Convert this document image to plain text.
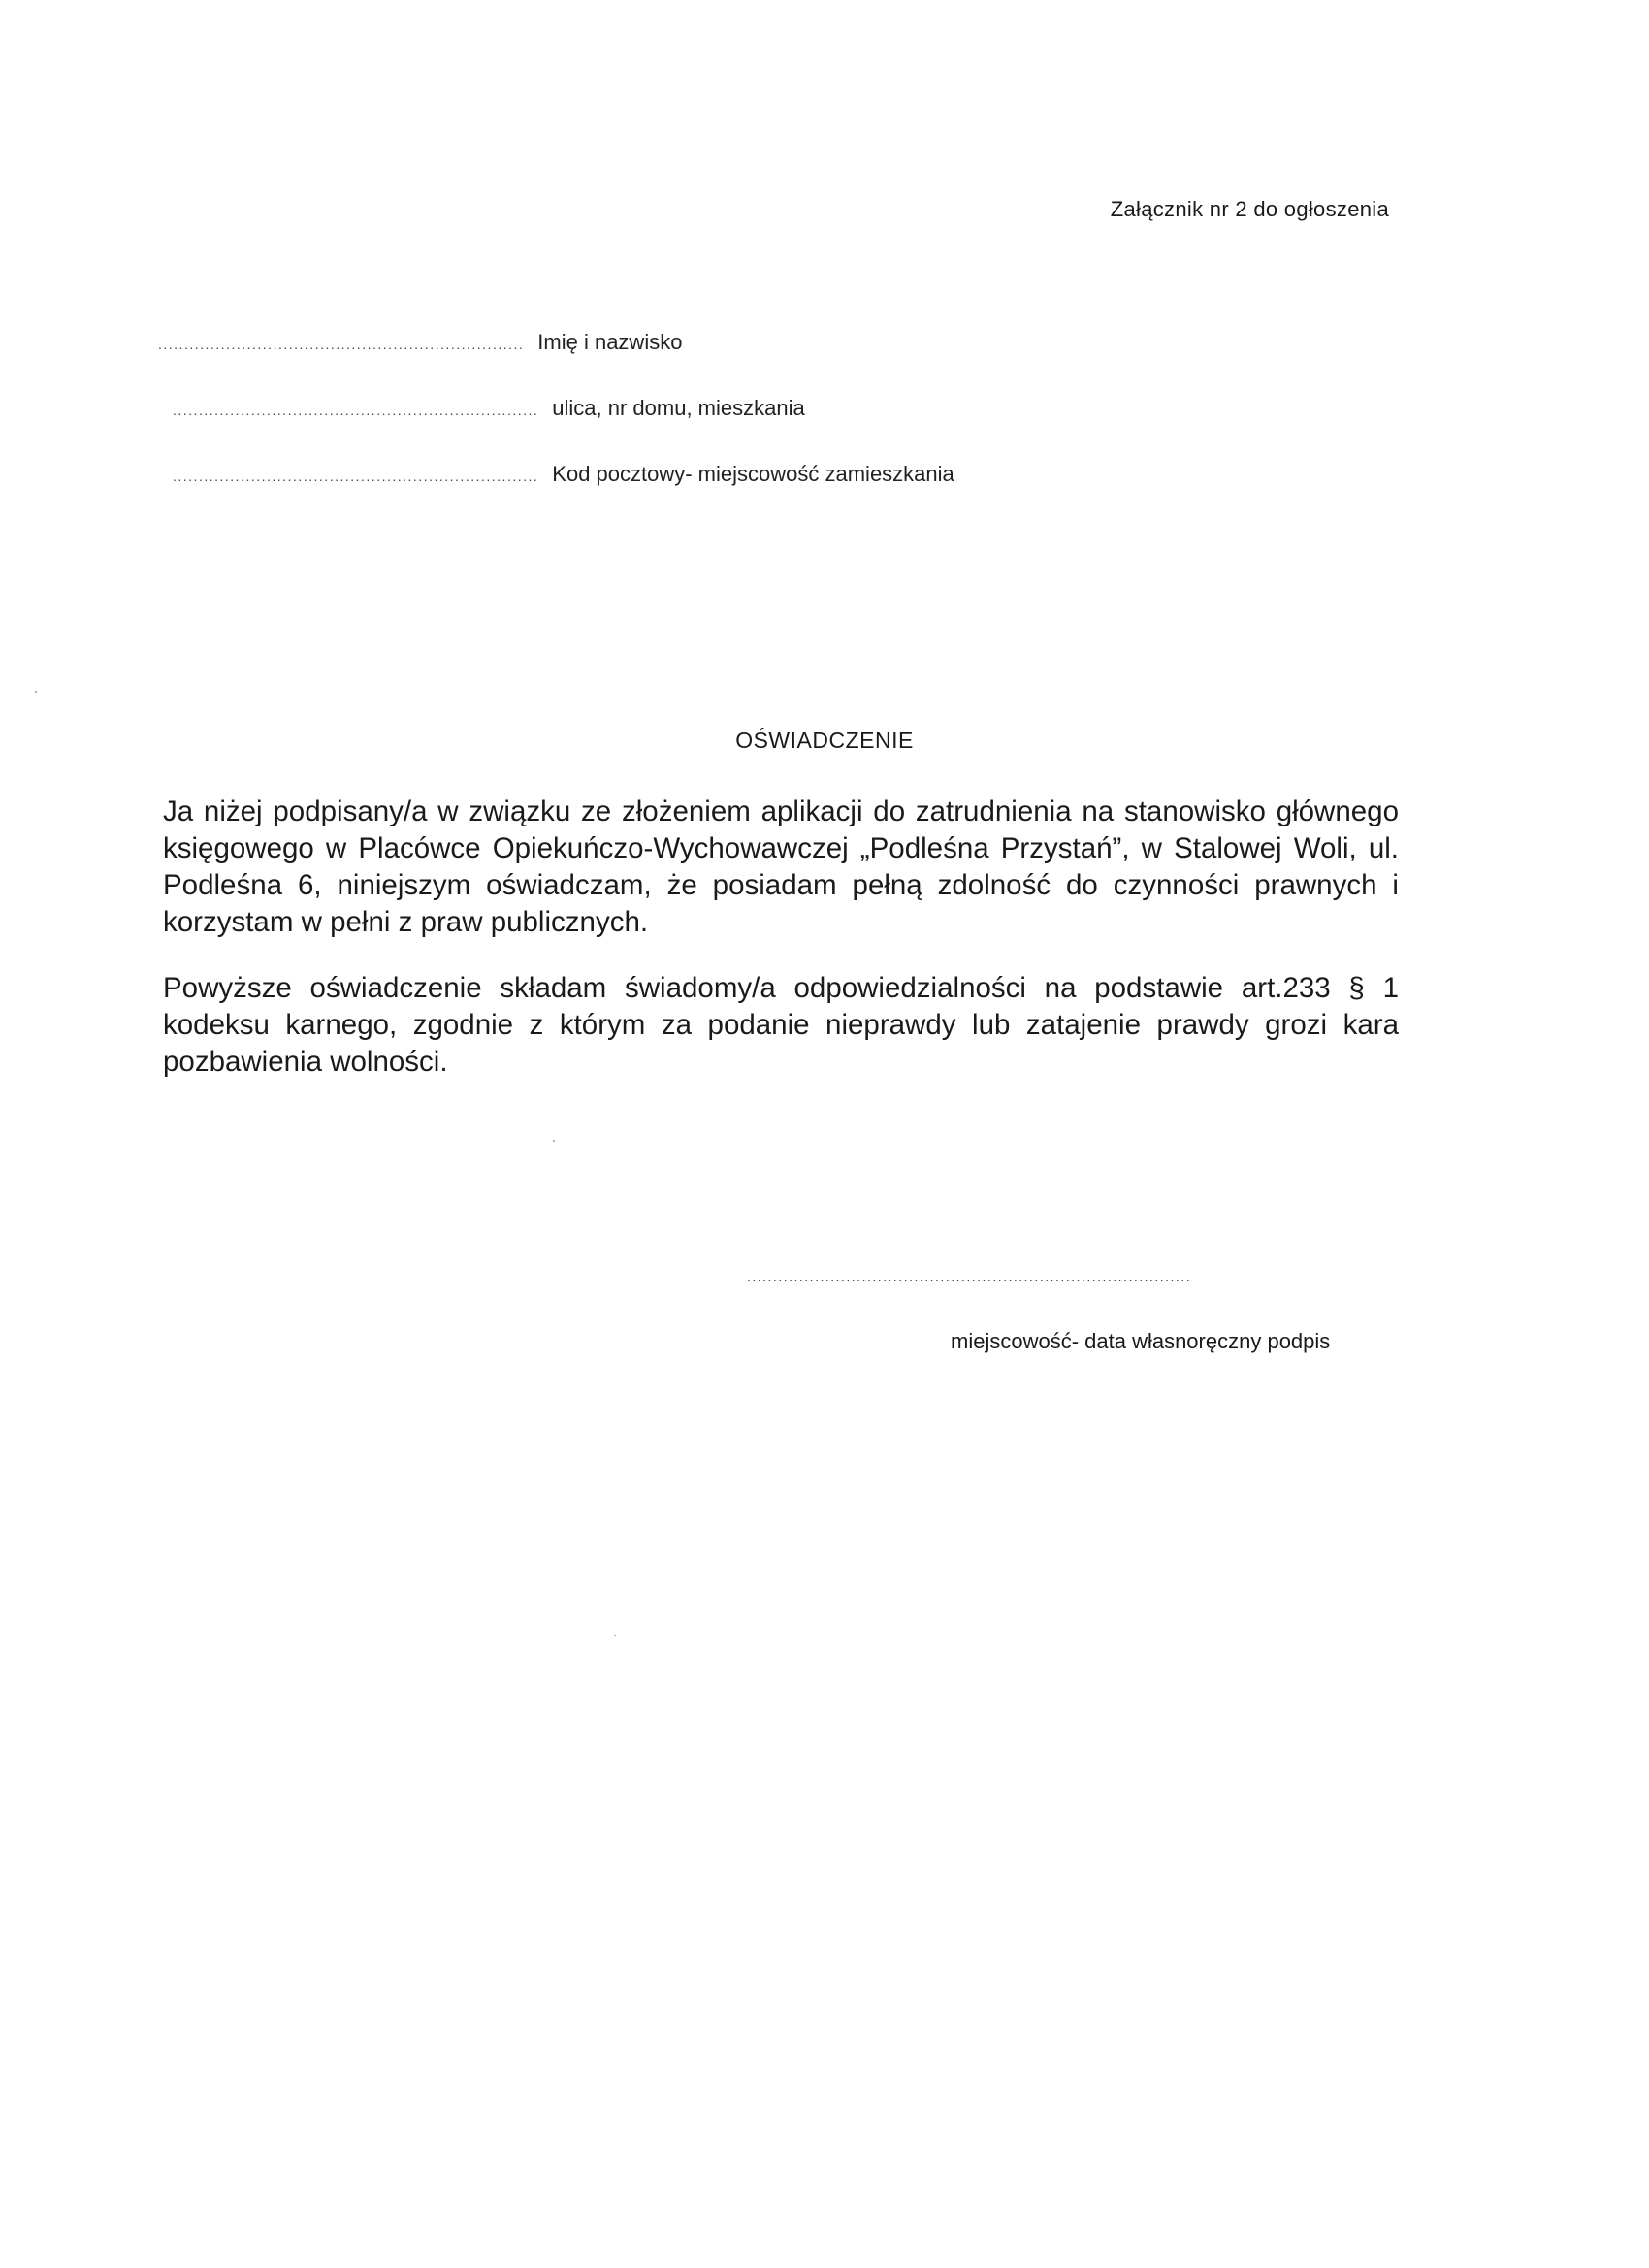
Załącznik nr 2 do ogłoszenia
...................................................................... Imię i nazwisko
...................................................................... ulica, nr domu, mieszkania
...................................................................... Kod pocztowy- miejscowość zamieszkania
OŚWIADCZENIE
Ja niżej podpisany/a w związku ze złożeniem aplikacji do zatrudnienia na stanowisko głównego księgowego w Placówce Opiekuńczo-Wychowawczej „Podleśna Przystań”, w Stalowej Woli, ul. Podleśna 6, niniejszym oświadczam, że posiadam pełną zdolność do czynności prawnych i korzystam w pełni z praw publicznych.
Powyższe oświadczenie składam świadomy/a odpowiedzialności na podstawie art.233 § 1 kodeksu karnego, zgodnie z którym za podanie nieprawdy lub zatajenie prawdy grozi kara pozbawienia wolności.
.....................................................................................
miejscowość- data własnoręczny podpis
